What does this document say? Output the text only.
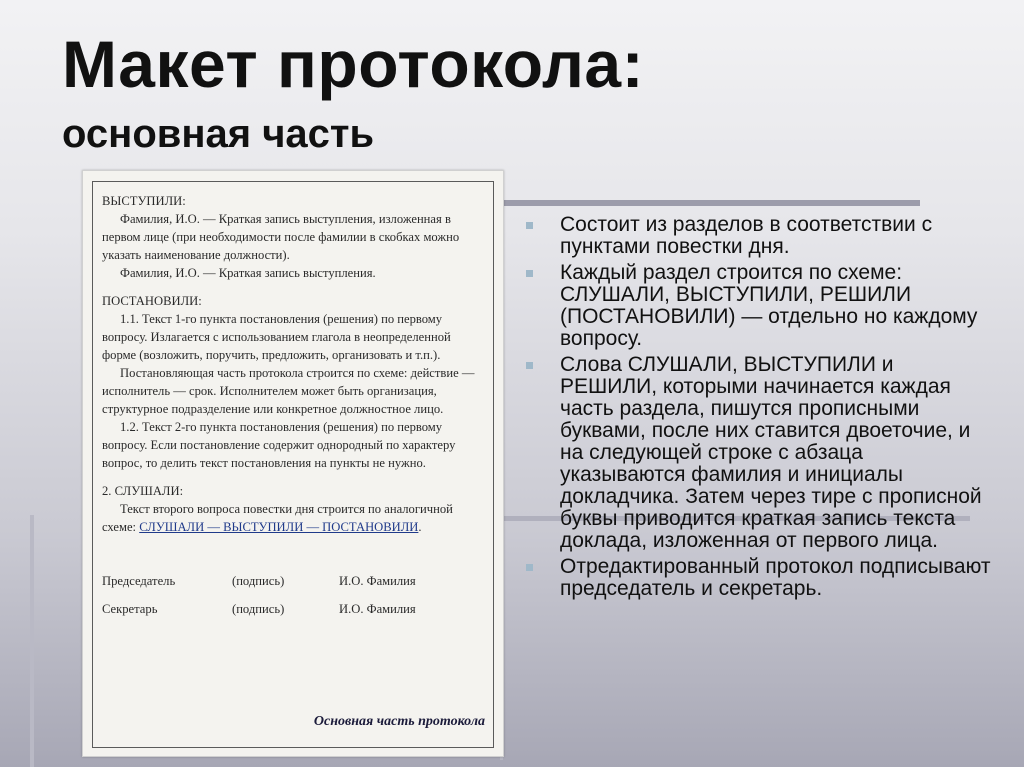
Макет протокола:
основная часть

ВЫСТУПИЛИ:

Фамилия, И.О. — Краткая запись выступления, изложенная в первом лице (при необходимости после фамилии в скобках можно указать наименование должности).

Фамилия, И.О. — Краткая запись выступления.

ПОСТАНОВИЛИ:

1.1. Текст 1-го пункта постановления (решения) по первому вопросу. Излагается с использованием глагола в неопределенной форме (возложить, поручить, предложить, организовать и т.п.).

Постановляющая часть протокола строится по схеме: действие — исполнитель — срок. Исполнителем может быть организация, структурное подразделение или конкретное должностное лицо.

1.2. Текст 2-го пункта постановления (решения) по первому вопросу. Если постановление содержит однородный по характеру вопрос, то делить текст постановления на пункты не нужно.

2. СЛУШАЛИ:

Текст второго вопроса повестки дня строится по аналогичной схеме: СЛУШАЛИ — ВЫСТУПИЛИ — ПОСТАНОВИЛИ.

Председатель	(подпись)	И.О. Фамилия
Секретарь	(подпись)	И.О. Фамилия
Основная часть протокола
Состоит из разделов в соответствии с пунктами повестки дня.
Каждый раздел строится по схеме: СЛУШАЛИ, ВЫСТУПИЛИ, РЕШИЛИ (ПОСТАНОВИЛИ) — отдельно но каждому вопросу.
Слова СЛУШАЛИ, ВЫСТУПИЛИ и РЕШИЛИ, которыми начинается каждая часть раздела, пишутся прописными буквами, после них ставится двоеточие, и на следующей строке с абзаца указываются фамилия и инициалы докладчика. Затем через тире с прописной буквы приводится краткая запись текста доклада, изложенная от первого лица.
Отредактированный протокол подписывают председатель и секретарь.
